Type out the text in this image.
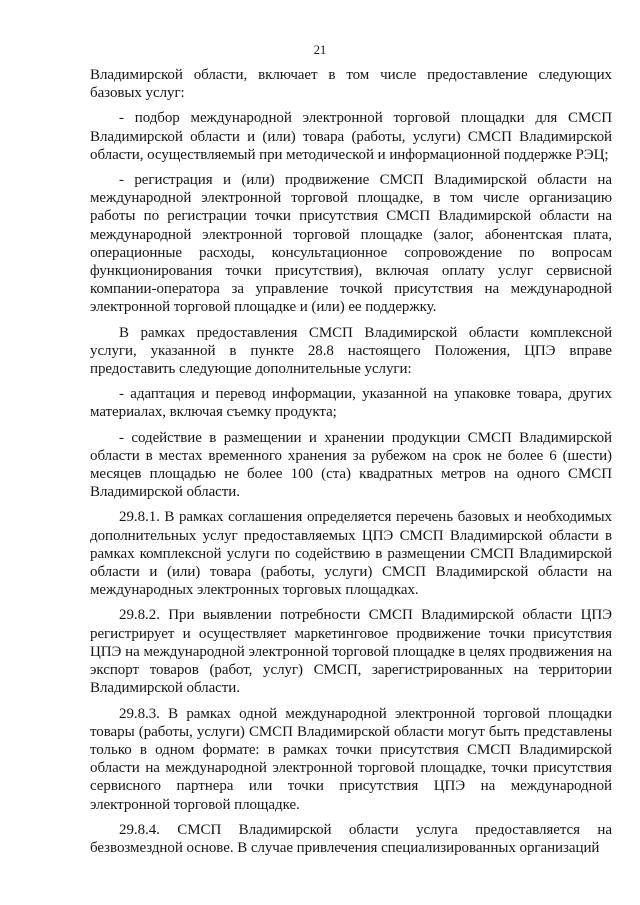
21

Владимирской области, включает в том числе предоставление следующих базовых услуг:

- подбор международной электронной торговой площадки для СМСП Владимирской области и (или) товара (работы, услуги) СМСП Владимирской области, осуществляемый при методической и информационной поддержке РЭЦ;

- регистрация и (или) продвижение СМСП Владимирской области на международной электронной торговой площадке, в том числе организацию работы по регистрации точки присутствия СМСП Владимирской области на международной электронной торговой площадке (залог, абонентская плата, операционные расходы, консультационное сопровождение по вопросам функционирования точки присутствия), включая оплату услуг сервисной компании-оператора за управление точкой присутствия на международной электронной торговой площадке и (или) ее поддержку.

В рамках предоставления СМСП Владимирской области комплексной услуги, указанной в пункте 28.8 настоящего Положения, ЦПЭ вправе предоставить следующие дополнительные услуги:

- адаптация и перевод информации, указанной на упаковке товара, других материалах, включая съемку продукта;

- содействие в размещении и хранении продукции СМСП Владимирской области в местах временного хранения за рубежом на срок не более 6 (шести) месяцев площадью не более 100 (ста) квадратных метров на одного СМСП Владимирской области.

29.8.1. В рамках соглашения определяется перечень базовых и необходимых дополнительных услуг предоставляемых ЦПЭ СМСП Владимирской области в рамках комплексной услуги по содействию в размещении СМСП Владимирской области и (или) товара (работы, услуги) СМСП Владимирской области на международных электронных торговых площадках.

29.8.2. При выявлении потребности СМСП Владимирской области ЦПЭ регистрирует и осуществляет маркетинговое продвижение точки присутствия ЦПЭ на международной электронной торговой площадке в целях продвижения на экспорт товаров (работ, услуг) СМСП, зарегистрированных на территории Владимирской области.

29.8.3. В рамках одной международной электронной торговой площадки товары (работы, услуги) СМСП Владимирской области могут быть представлены только в одном формате: в рамках точки присутствия СМСП Владимирской области на международной электронной торговой площадке, точки присутствия сервисного партнера или точки присутствия ЦПЭ на международной электронной торговой площадке.

29.8.4. СМСП Владимирской области услуга предоставляется на безвозмездной основе. В случае привлечения специализированных организаций
